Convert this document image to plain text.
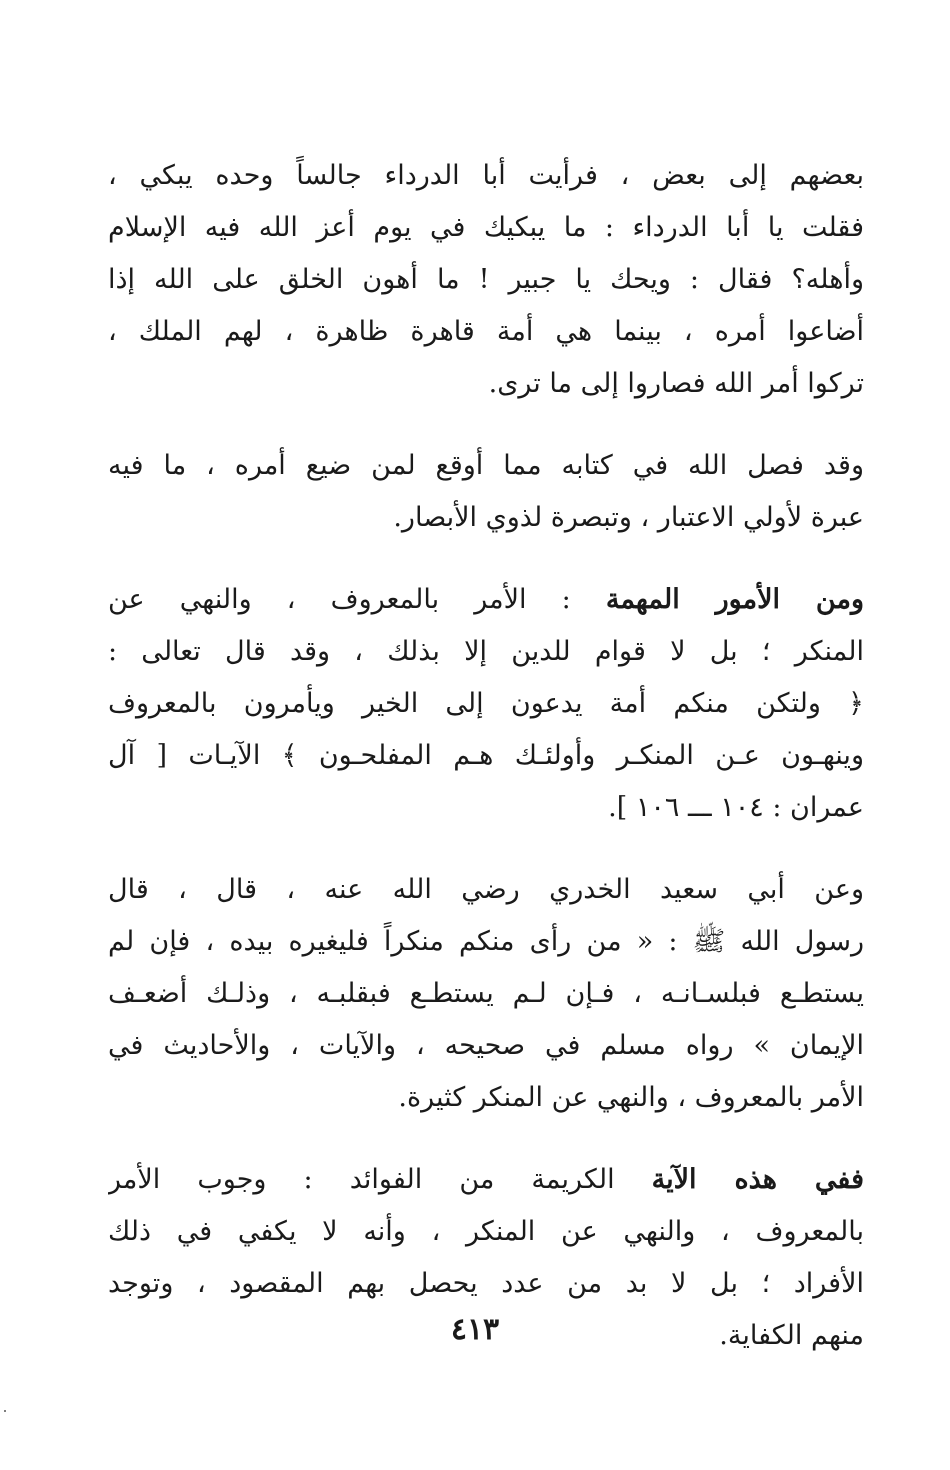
بعضهم إلى بعض ، فرأيت أبا الدرداء جالساً وحده يبكي ،
فقلت يا أبا الدرداء : ما يبكيك في يوم أعز الله فيه الإسلام
وأهله؟ فقال : ويحك يا جبير ! ما أهون الخلق على الله إذا
أضاعوا أمره ، بينما هي أمة قاهرة ظاهرة ، لهم الملك ،
تركوا أمر الله فصاروا إلى ما ترى.

وقد فصل الله في كتابه مما أوقع لمن ضيع أمره ، ما فيه
عبرة لأولي الاعتبار ، وتبصرة لذوي الأبصار.

ومن الأمور المهمة : الأمر بالمعروف ، والنهي عن
المنكر ؛ بل لا قوام للدين إلا بذلك ، وقد قال تعالى :
﴿ ولتكن منكم أمة يدعون إلى الخير ويأمرون بالمعروف
وينهـون عـن المنكـر وأولئـك هـم المفلحـون ﴾ الآيـات [ آل
عمران : ١٠٤ ـــ ١٠٦ ].

وعن أبي سعيد الخدري رضي الله عنه ، قال ، قال
رسول الله ﷺ : « من رأى منكم منكراً فليغيره بيده ، فإن لم
يستطـع فبلسـانـه ، فـإن لـم يستطـع فبقلبـه ، وذلـك أضعـف
الإيمان » رواه مسلم في صحيحه ، والآيات ، والأحاديث في
الأمر بالمعروف ، والنهي عن المنكر كثيرة.

ففي هذه الآية الكريمة من الفوائد : وجوب الأمر
بالمعروف ، والنهي عن المنكر ، وأنه لا يكفي في ذلك
الأفراد ؛ بل لا بد من عدد يحصل بهم المقصود ، وتوجد
منهم الكفاية.

٤١٣
